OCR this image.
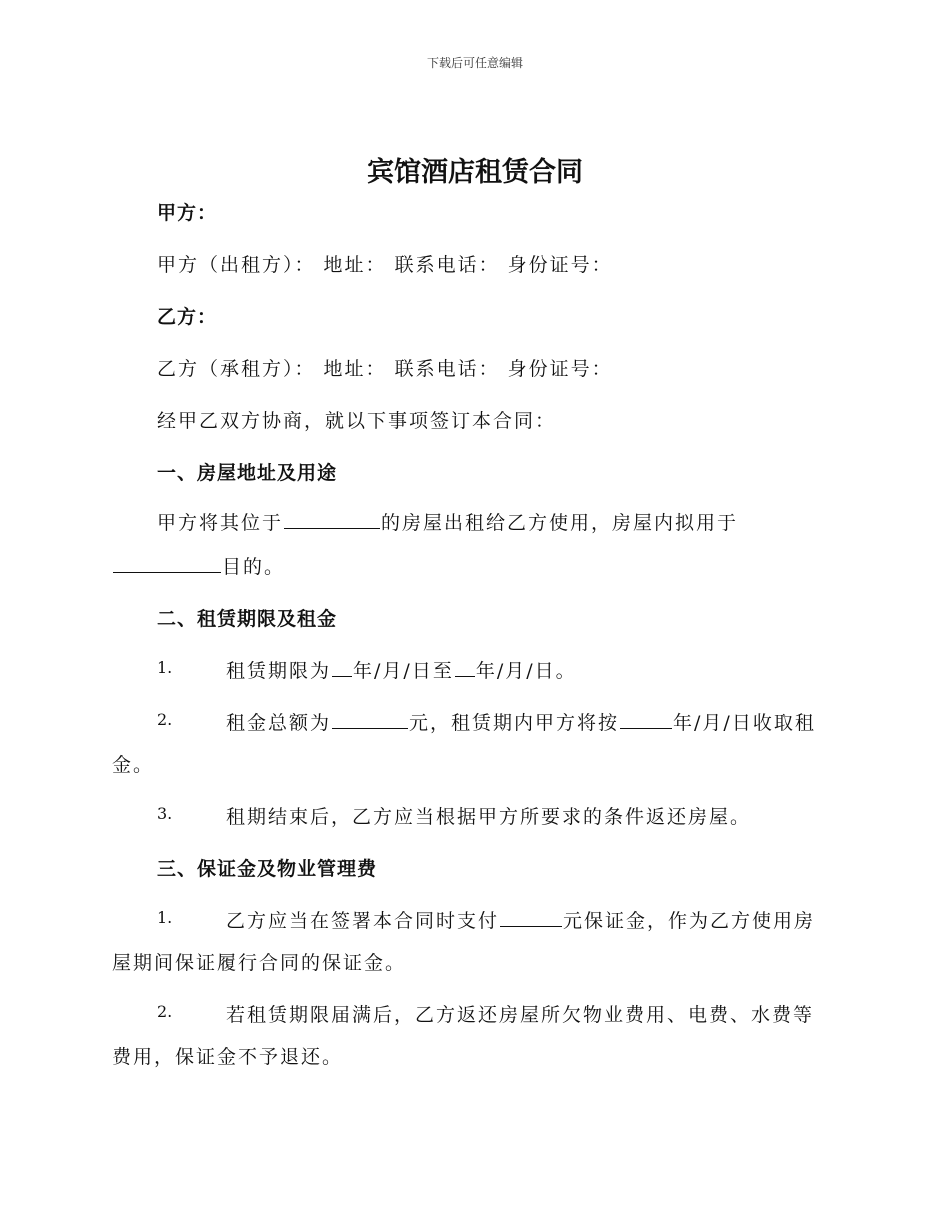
下载后可任意编辑
宾馆酒店租赁合同
甲方：
甲方（出租方）： 地址： 联系电话： 身份证号：
乙方：
乙方（承租方）： 地址： 联系电话： 身份证号：
经甲乙双方协商，就以下事项签订本合同：
一、房屋地址及用途
甲方将其位于	的房屋出租给乙方使用，房屋内拟用于
目的。
二、租赁期限及租金
1.	租赁期限为 年/月/日至 年/月/日。
2.	租金总额为	元，租赁期内甲方将按	年/月/日收取租
金。
3.	租期结束后，乙方应当根据甲方所要求的条件返还房屋。
三、保证金及物业管理费
1.	乙方应当在签署本合同时支付	元保证金，作为乙方使用房
屋期间保证履行合同的保证金。
2.	若租赁期限届满后，乙方返还房屋所欠物业费用、电费、水费等
费用，保证金不予退还。
